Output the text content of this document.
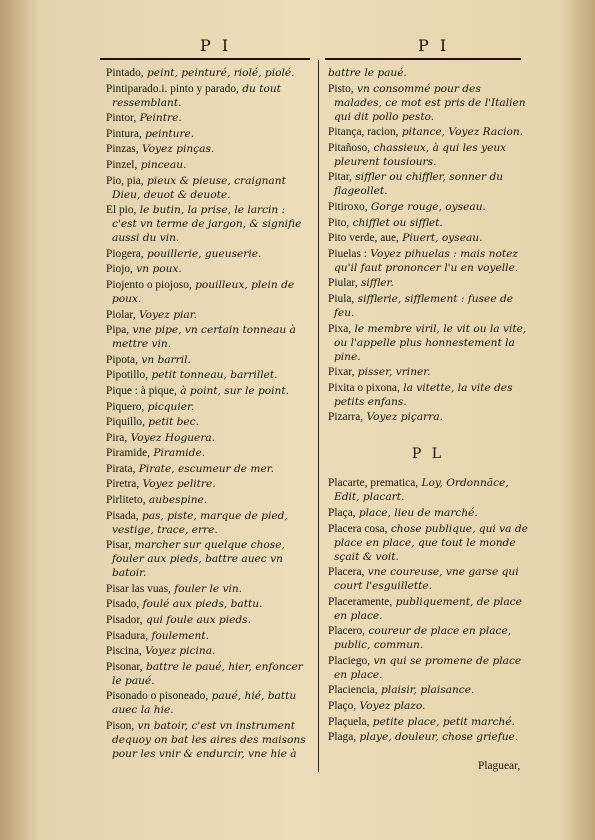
P I	P I
Pintado, peint, peinturé, riolé, piolé.
Pintiparado.i. pinto y parado, du tout ressemblant.
Pintor, Peintre.
Pintura, peinture.
Pinzas, Voyez pinças.
Pinzel, pinceau.
Pio, pia, pieux & pieuse, craignant Dieu, deuot & deuote.
El pio, le butin, la prise, le larcin : c'est vn terme de jargon, & signifie aussi du vin.
Piogera, pouillerie, gueuserie.
Piojo, vn poux.
Piojento o piojoso, pouilleux, plein de poux.
Piolar, Voyez piar.
Pipa, vne pipe, vn certain tonneau à mettre vin.
Pipota, vn barril.
Pipotillo, petit tonneau, barrillet.
Pique : à pique, à point, sur le point.
Piquero, picquier.
Piquillo, petit bec.
Pira, Voyez Hoguera.
Piramide, Piramide.
Pirata, Pirate, escumeur de mer.
Piretra, Voyez pelitre.
Pirliteto, aubespine.
Pisada, pas, piste, marque de pied, vestige, trace, erre.
Pisar, marcher sur quelque chose, fouler aux pieds, battre auec vn batoir.
Pisar las vuas, fouler le vin.
Pisado, foulé aux pieds, battu.
Pisador, qui foule aux pieds.
Pisadura, foulement.
Piscina, Voyez picina.
Pisonar, battre le paué, hier, enfoncer le paué.
Pisonado o pisoneado, paué, hié, battu auec la hie.
Pison, vn batoir, c'est vn instrument dequoy on bat les aires des maisons pour les vnir & endurcir, vne hie à
battre le paué.
Pisto, vn consommé pour des malades, ce mot est pris de l'Italien qui dit pollo pesto.
Pitança, racion, pitance, Voyez Racion.
Pitañoso, chassieux, à qui les yeux pleurent tousiours.
Pitar, siffler ou chiffler, sonner du flageollet.
Pitiroxo, Gorge rouge, oyseau.
Pito, chifflet ou sifflet.
Pito verde, aue, Piuert, oyseau.
Piuelas : Voyez pihuelas : mais notez qu'il faut prononcer l'u en voyelle.
Piular, siffler.
Piula, sifflerie, sifflement : fusee de feu.
Pixa, le membre viril, le vit ou la vite, ou l'appelle plus honnestement la pine.
Pixar, pisser, vriner.
Pixita o pixona, la vitette, la vite des petits enfans.
Pizarra, Voyez piçarra.
P L
Placarte, prematica, Loy, Ordonnãce, Edit, placart.
Plaça, place, lieu de marché.
Placera cosa, chose publique, qui va de place en place, que tout le monde sçait & voit.
Placera, vne coureuse, vne garse qui court l'esguillette.
Placeramente, publiquement, de place en place.
Placero, coureur de place en place, public, commun.
Placiego, vn qui se promene de place en place.
Placiencia, plaisir, plaisance.
Plaço, Voyez plazo.
Plaçuela, petite place, petit marché.
Plaga, playe, douleur, chose griefue.
Plaguear,
